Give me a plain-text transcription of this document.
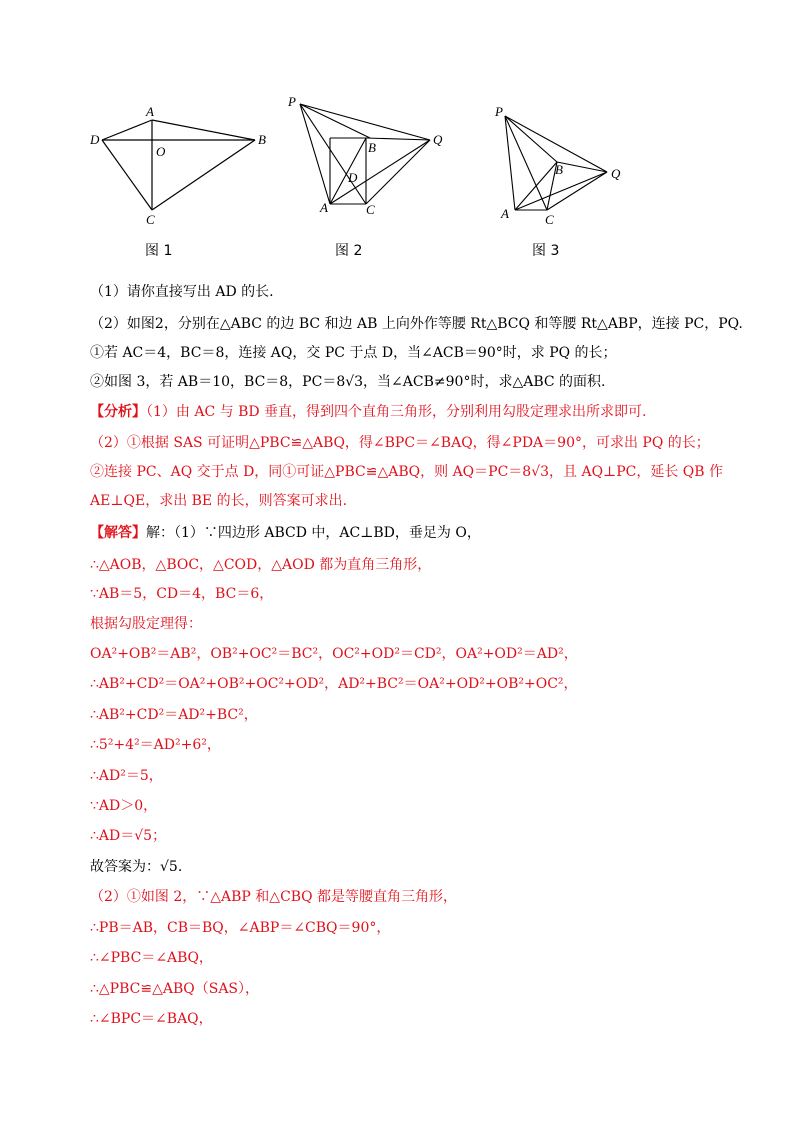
D
A
O
B
C
P
B
Q
D
A	C
P
B	Q
A	C
图 1	图 2	图 3
（1）请你直接写出 AD 的长.
（2）如图2，分别在△ABC 的边 BC 和边 AB 上向外作等腰 Rt△BCQ 和等腰 Rt△ABP，连接 PC，PQ.
①若 AC＝4，BC＝8，连接 AQ，交 PC 于点 D，当∠ACB＝90°时，求 PQ 的长；
②如图 3，若 AB＝10，BC＝8，PC＝8√3，当∠ACB≠90°时，求△ABC 的面积.
【分析】（1）由 AC 与 BD 垂直，得到四个直角三角形，分别利用勾股定理求出所求即可.
（2）①根据 SAS 可证明△PBC≌△ABQ，得∠BPC＝∠BAQ，得∠PDA＝90°，可求出 PQ 的长；
②连接 PC、AQ 交于点 D，同①可证△PBC≌△ABQ，则 AQ＝PC＝8√3，且 AQ⊥PC，延长 QB 作
AE⊥QE，求出 BE 的长，则答案可求出.
【解答】解：（1）∵四边形 ABCD 中，AC⊥BD，垂足为 O，
∴△AOB，△BOC，△COD，△AOD 都为直角三角形，
∵AB＝5，CD＝4，BC＝6，
根据勾股定理得：
OA²+OB²＝AB²，OB²+OC²＝BC²，OC²+OD²＝CD²，OA²+OD²＝AD²，
∴AB²+CD²＝OA²+OB²+OC²+OD²，AD²+BC²＝OA²+OD²+OB²+OC²，
∴AB²+CD²＝AD²+BC²，
∴5²+4²＝AD²+6²，
∴AD²＝5，
∵AD＞0，
∴AD＝√5；
故答案为：√5.
（2）①如图 2，∵△ABP 和△CBQ 都是等腰直角三角形，
∴PB＝AB，CB＝BQ，∠ABP＝∠CBQ＝90°，
∴∠PBC＝∠ABQ，
∴△PBC≌△ABQ（SAS），
∴∠BPC＝∠BAQ，
